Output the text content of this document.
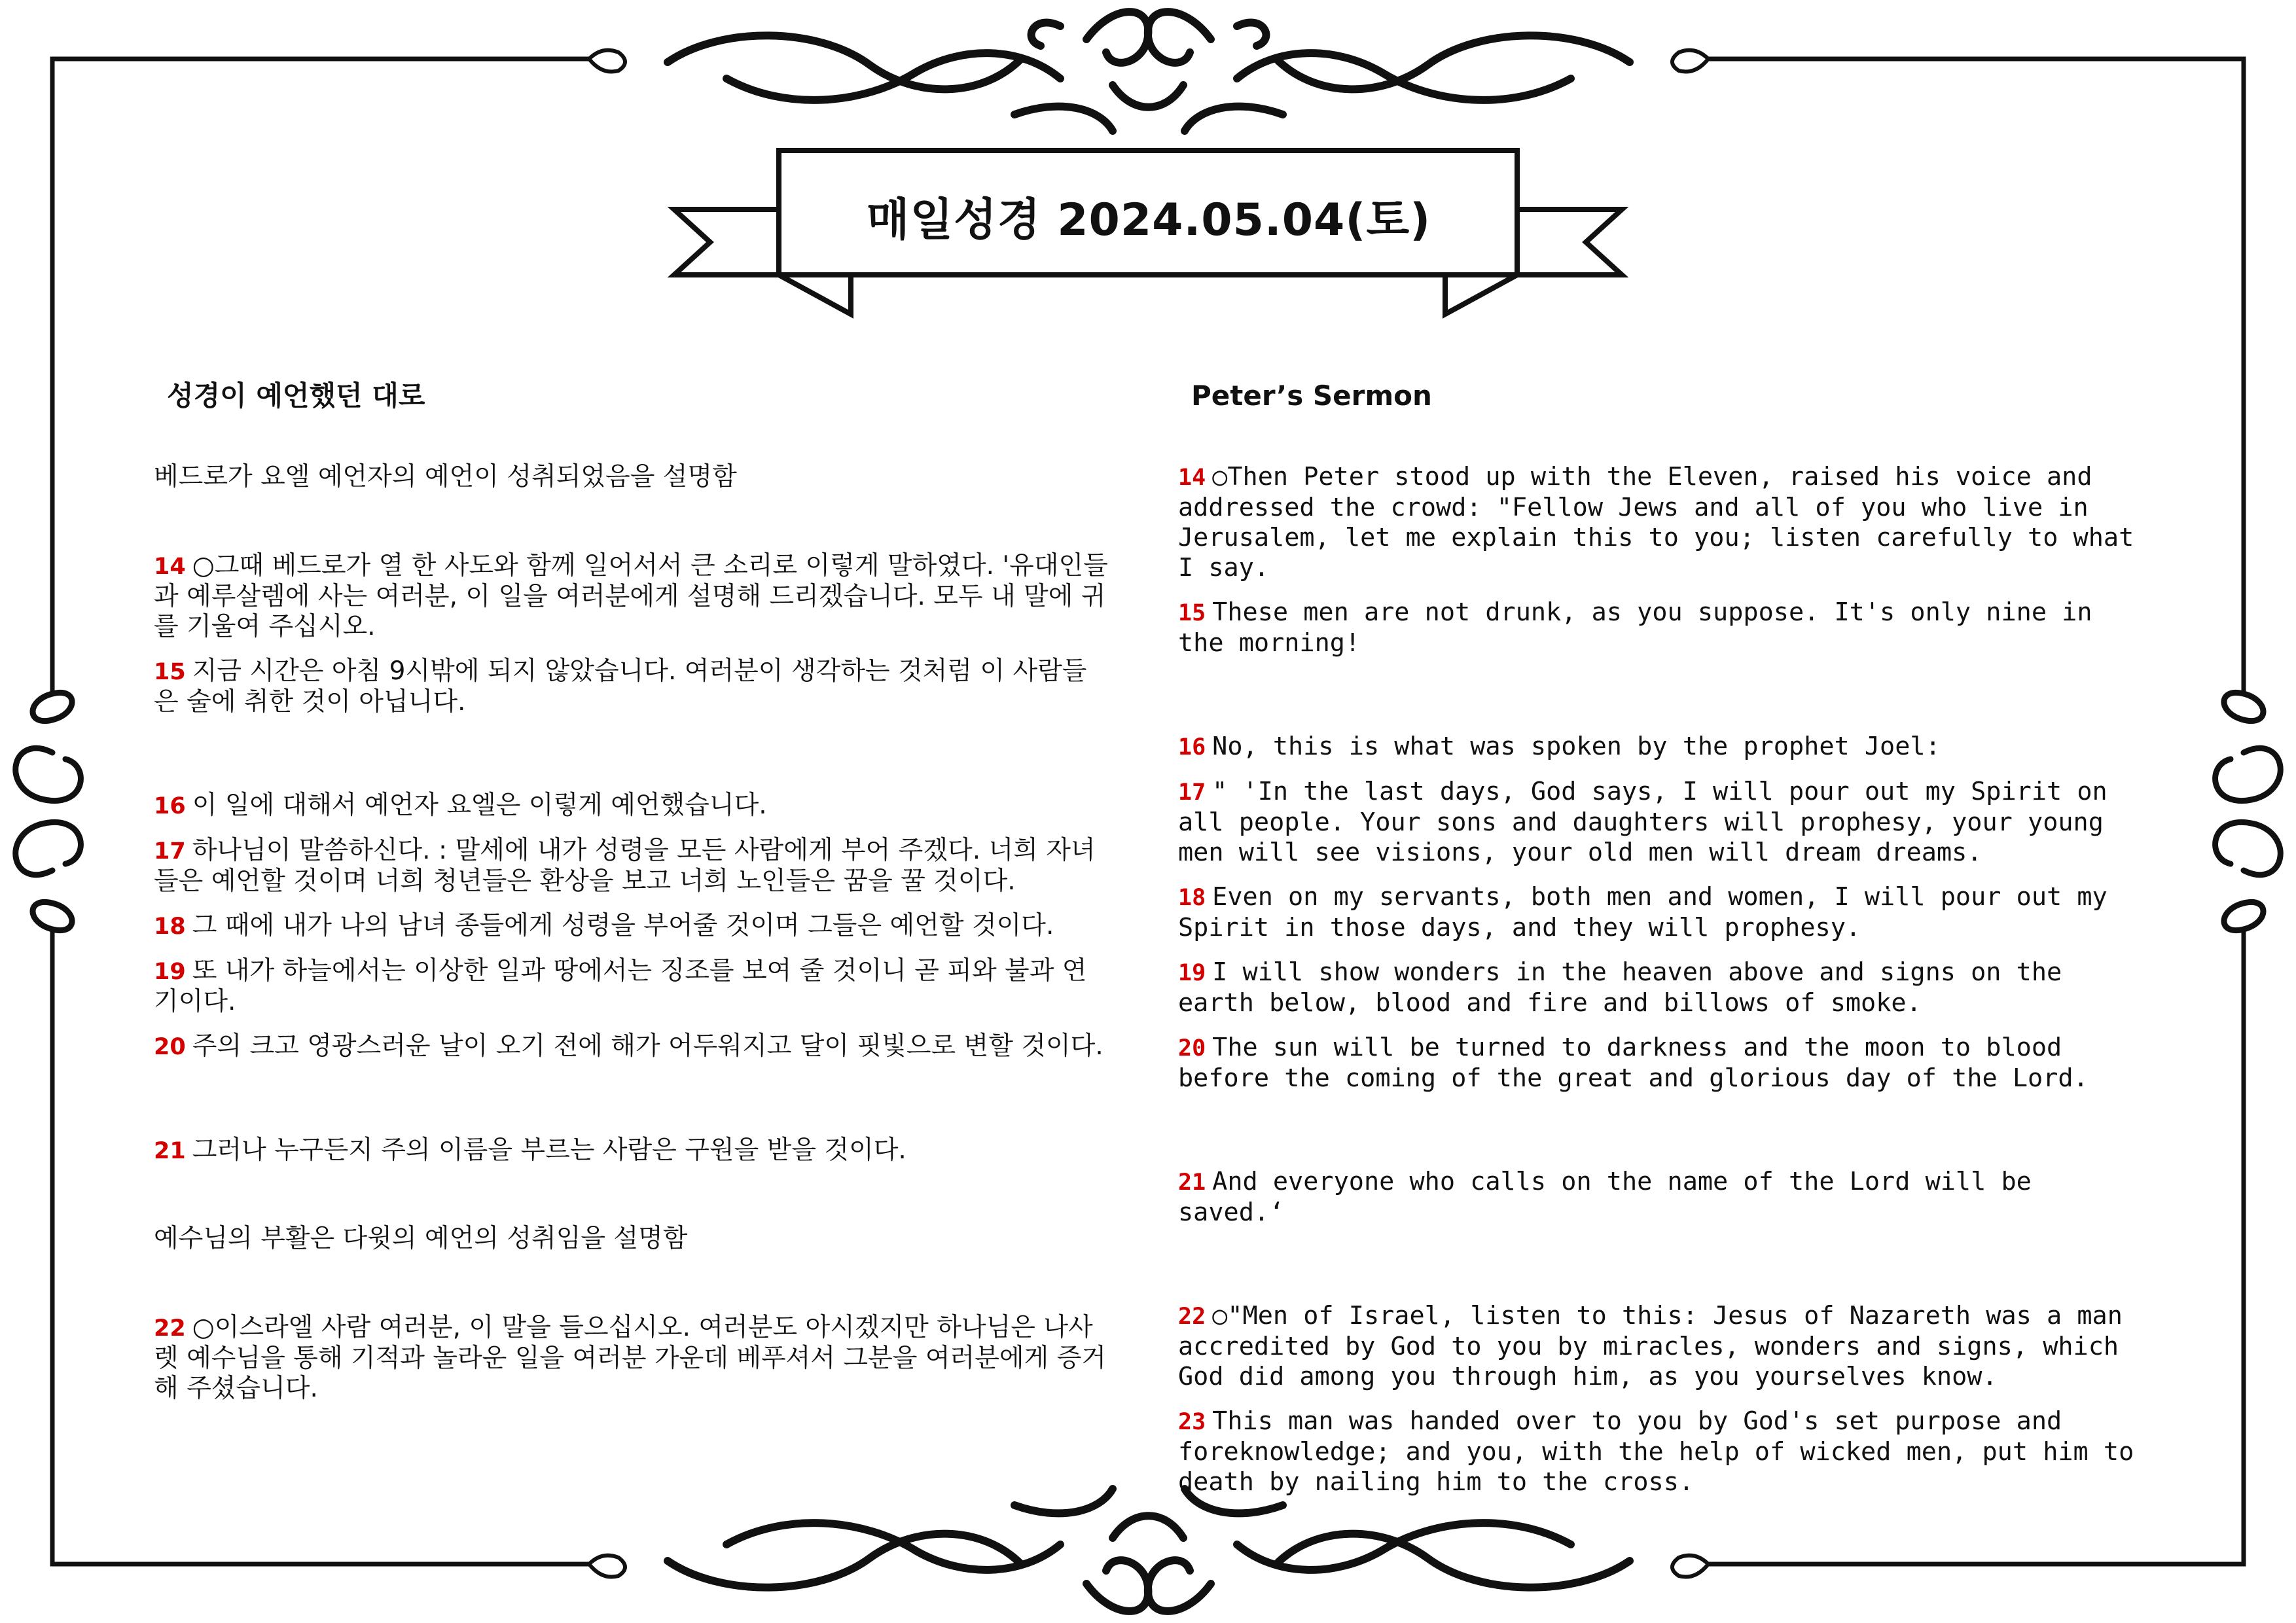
매일성경 2024.05.04(토)
성경이 예언했던 대로

베드로가 요엘 예언자의 예언이 성취되었음을 설명함

14 ○그때 베드로가 열 한 사도와 함께 일어서서 큰 소리로 이렇게 말하였다. '유대인들과 예루살렘에 사는 여러분, 이 일을 여러분에게 설명해 드리겠습니다. 모두 내 말에 귀를 기울여 주십시오.

15 지금 시간은 아침 9시밖에 되지 않았습니다. 여러분이 생각하는 것처럼 이 사람들은 술에 취한 것이 아닙니다.

16 이 일에 대해서 예언자 요엘은 이렇게 예언했습니다.

17 하나님이 말씀하신다. : 말세에 내가 성령을 모든 사람에게 부어 주겠다. 너희 자녀들은 예언할 것이며 너희 청년들은 환상을 보고 너희 노인들은 꿈을 꿀 것이다.

18 그 때에 내가 나의 남녀 종들에게 성령을 부어줄 것이며 그들은 예언할 것이다.

19 또 내가 하늘에서는 이상한 일과 땅에서는 징조를 보여 줄 것이니 곧 피와 불과 연기이다.

20 주의 크고 영광스러운 날이 오기 전에 해가 어두워지고 달이 핏빛으로 변할 것이다.

21 그러나 누구든지 주의 이름을 부르는 사람은 구원을 받을 것이다.

예수님의 부활은 다윗의 예언의 성취임을 설명함

22 ○이스라엘 사람 여러분, 이 말을 들으십시오. 여러분도 아시겠지만 하나님은 나사렛 예수님을 통해 기적과 놀라운 일을 여러분 가운데 베푸셔서 그분을 여러분에게 증거해 주셨습니다.

Peter’s Sermon

14 ○Then Peter stood up with the Eleven, raised his voice and addressed the crowd: "Fellow Jews and all of you who live in Jerusalem, let me explain this to you; listen carefully to what I say.

15 These men are not drunk, as you suppose. It's only nine in the morning!

16 No, this is what was spoken by the prophet Joel:

17 " 'In the last days, God says, I will pour out my Spirit on all people. Your sons and daughters will prophesy, your young men will see visions, your old men will dream dreams.

18 Even on my servants, both men and women, I will pour out my Spirit in those days, and they will prophesy.

19 I will show wonders in the heaven above and signs on the earth below, blood and fire and billows of smoke.

20 The sun will be turned to darkness and the moon to blood before the coming of the great and glorious day of the Lord.

21 And everyone who calls on the name of the Lord will be saved.‘

22 ○"Men of Israel, listen to this: Jesus of Nazareth was a man accredited by God to you by miracles, wonders and signs, which God did among you through him, as you yourselves know.

23 This man was handed over to you by God's set purpose and foreknowledge; and you, with the help of wicked men, put him to death by nailing him to the cross.
